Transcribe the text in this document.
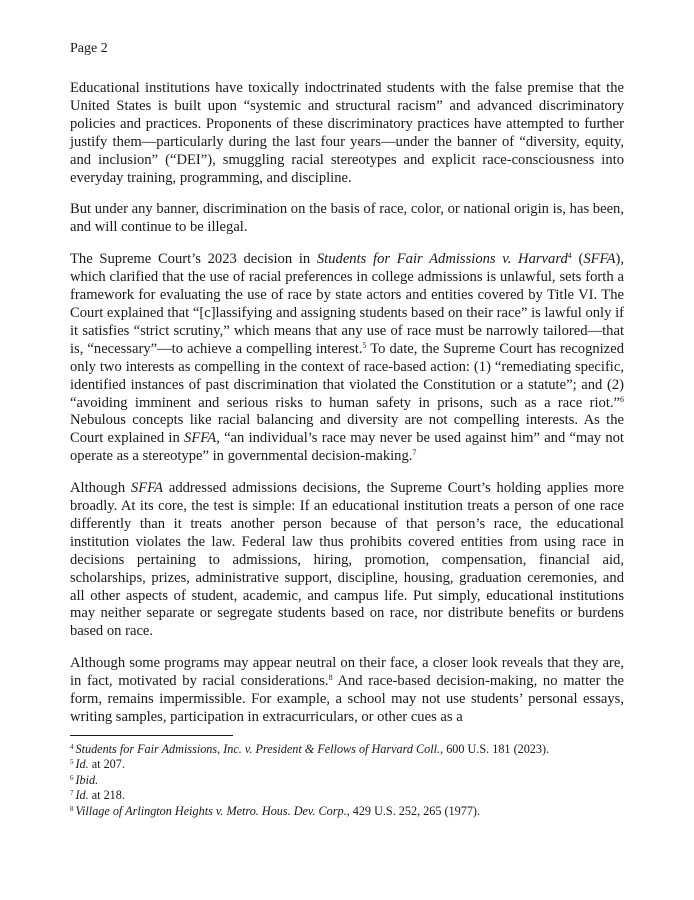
Page 2

Educational institutions have toxically indoctrinated students with the false premise that the United States is built upon “systemic and structural racism” and advanced discriminatory policies and practices. Proponents of these discriminatory practices have attempted to further justify them—particularly during the last four years—under the banner of “diversity, equity, and inclusion” (“DEI”), smuggling racial stereotypes and explicit race-consciousness into everyday training, programming, and discipline.

But under any banner, discrimination on the basis of race, color, or national origin is, has been, and will continue to be illegal.

The Supreme Court’s 2023 decision in Students for Fair Admissions v. Harvard$^4$ (SFFA), which clarified that the use of racial preferences in college admissions is unlawful, sets forth a framework for evaluating the use of race by state actors and entities covered by Title VI. The Court explained that “[c]lassifying and assigning students based on their race” is lawful only if it satisfies “strict scrutiny,” which means that any use of race must be narrowly tailored—that is, “necessary”—to achieve a compelling interest.$^5$ To date, the Supreme Court has recognized only two interests as compelling in the context of race-based action: (1) “remediating specific, identified instances of past discrimination that violated the Constitution or a statute”; and (2) “avoiding imminent and serious risks to human safety in prisons, such as a race riot.”$^6$ Nebulous concepts like racial balancing and diversity are not compelling interests. As the Court explained in SFFA, “an individual’s race may never be used against him” and “may not operate as a stereotype” in governmental decision-making.$^7$

Although SFFA addressed admissions decisions, the Supreme Court’s holding applies more broadly. At its core, the test is simple: If an educational institution treats a person of one race differently than it treats another person because of that person’s race, the educational institution violates the law. Federal law thus prohibits covered entities from using race in decisions pertaining to admissions, hiring, promotion, compensation, financial aid, scholarships, prizes, administrative support, discipline, housing, graduation ceremonies, and all other aspects of student, academic, and campus life. Put simply, educational institutions may neither separate or segregate students based on race, nor distribute benefits or burdens based on race.

Although some programs may appear neutral on their face, a closer look reveals that they are, in fact, motivated by racial considerations.$^8$ And race-based decision-making, no matter the form, remains impermissible. For example, a school may not use students’ personal essays, writing samples, participation in extracurriculars, or other cues as a

$^4$ Students for Fair Admissions, Inc. v. President & Fellows of Harvard Coll., 600 U.S. 181 (2023).
$^5$ Id. at 207.
$^6$ Ibid.
$^7$ Id. at 218.
$^8$ Village of Arlington Heights v. Metro. Hous. Dev. Corp., 429 U.S. 252, 265 (1977).
